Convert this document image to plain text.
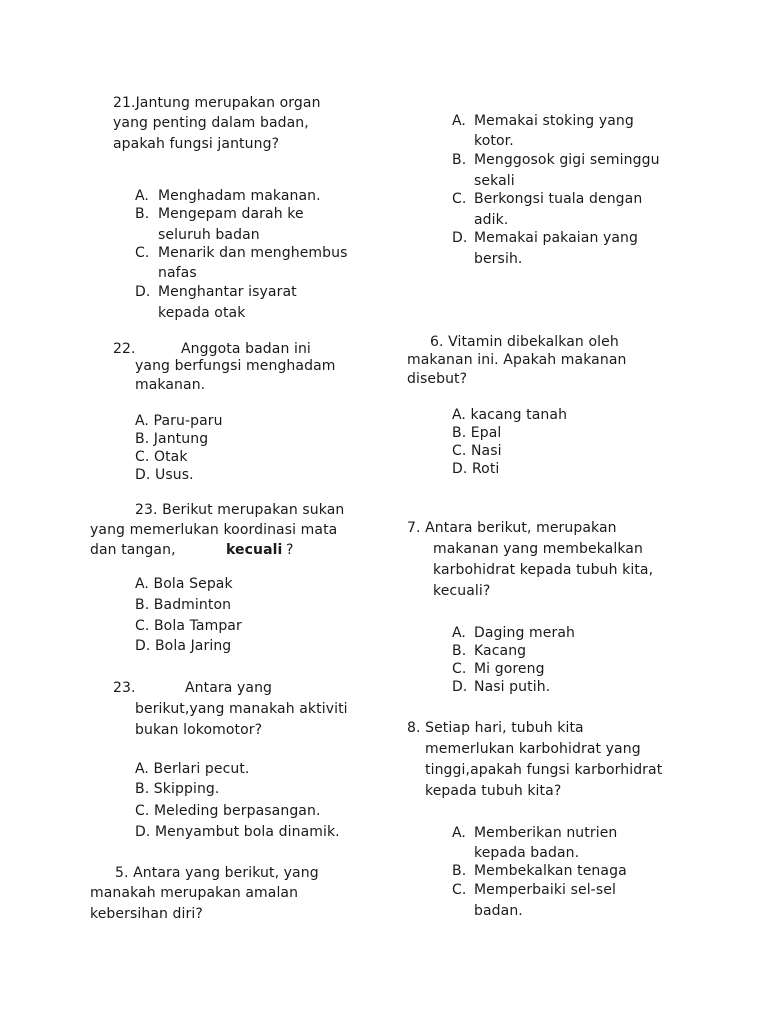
21.Jantung merupakan organ
yang penting dalam badan,
apakah fungsi jantung?
A. Menghadam makanan.
B. Mengepam darah ke
seluruh badan
C. Menarik dan menghembus
nafas
D. Menghantar isyarat
kepada otak
22.	Anggota badan ini
yang berfungsi menghadam
makanan.
A. Paru-paru
B. Jantung
C. Otak
D. Usus.
23. Berikut merupakan sukan
yang memerlukan koordinasi mata
dan tangan,	kecuali ?
A. Bola Sepak
B. Badminton
C. Bola Tampar
D. Bola Jaring
23.	Antara yang
berikut,yang manakah aktiviti
bukan lokomotor?
A. Berlari pecut.
B. Skipping.
C. Meleding berpasangan.
D. Menyambut bola dinamik.
5. Antara yang berikut, yang
manakah merupakan amalan
kebersihan diri?
A. Memakai stoking yang
kotor.
B. Menggosok gigi seminggu
sekali
C. Berkongsi tuala dengan
adik.
D. Memakai pakaian yang
bersih.
6. Vitamin dibekalkan oleh
makanan ini. Apakah makanan
disebut?
A. kacang tanah
B. Epal
C. Nasi
D. Roti
7. Antara berikut, merupakan
makanan yang membekalkan
karbohidrat kepada tubuh kita,
kecuali?
A. Daging merah
B. Kacang
C. Mi goreng
D. Nasi putih.
8. Setiap hari, tubuh kita
memerlukan karbohidrat yang
tinggi,apakah fungsi karborhidrat
kepada tubuh kita?
A. Memberikan nutrien
kepada badan.
B. Membekalkan tenaga
C. Memperbaiki sel-sel
badan.
